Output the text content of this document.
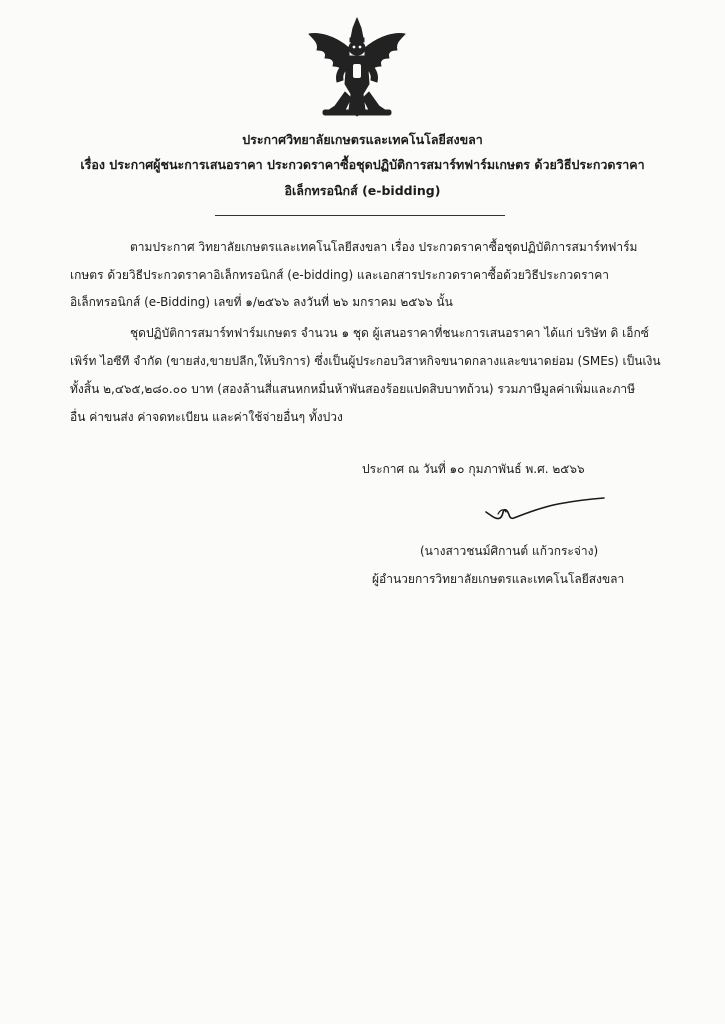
ประกาศวิทยาลัยเกษตรและเทคโนโลยีสงขลา
เรื่อง ประกาศผู้ชนะการเสนอราคา ประกวดราคาซื้อชุดปฏิบัติการสมาร์ทฟาร์มเกษตร ด้วยวิธีประกวดราคา
อิเล็กทรอนิกส์ (e-bidding)
ตามประกาศ วิทยาลัยเกษตรและเทคโนโลยีสงขลา เรื่อง ประกวดราคาซื้อชุดปฏิบัติการสมาร์ทฟาร์ม
เกษตร ด้วยวิธีประกวดราคาอิเล็กทรอนิกส์ (e-bidding) และเอกสารประกวดราคาซื้อด้วยวิธีประกวดราคา
อิเล็กทรอนิกส์ (e-Bidding) เลขที่ ๑/๒๕๖๖ ลงวันที่ ๒๖ มกราคม ๒๕๖๖ นั้น
ชุดปฏิบัติการสมาร์ทฟาร์มเกษตร จำนวน ๑ ชุด ผู้เสนอราคาที่ชนะการเสนอราคา ได้แก่ บริษัท ดิ เอ็กซ์
เพิร์ท ไอซีที จำกัด (ขายส่ง,ขายปลีก,ให้บริการ) ซึ่งเป็นผู้ประกอบวิสาหกิจขนาดกลางและขนาดย่อม (SMEs) เป็นเงิน
ทั้งสิ้น ๒,๔๖๕,๒๘๐.๐๐ บาท (สองล้านสี่แสนหกหมื่นห้าพันสองร้อยแปดสิบบาทถ้วน) รวมภาษีมูลค่าเพิ่มและภาษี
อื่น ค่าขนส่ง ค่าจดทะเบียน และค่าใช้จ่ายอื่นๆ ทั้งปวง
ประกาศ ณ วันที่ ๑๐ กุมภาพันธ์ พ.ศ. ๒๕๖๖
(นางสาวชนม์ศิกานต์ แก้วกระจ่าง)
ผู้อำนวยการวิทยาลัยเกษตรและเทคโนโลยีสงขลา
